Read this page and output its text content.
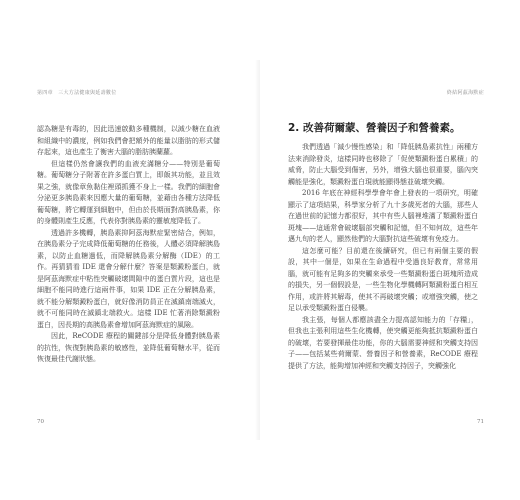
第四章　三大方法健康與延壽數位

認為糖是有毒的，因此迅速啟動多種機制，以減少糖在血液和組織中的濃度，例如我們會把額外的能量以脂肪的形式儲存起來，這也產生了衡害大腦的脂肪胰蘭蘿。

但這樣仍然會讓我們的血液充滿糖分——特別是葡萄糖。葡萄糖分子附著在許多蛋白質上，即飯其功能，並且效果之強，就像章魚黏住裡頭抓獲不身上一樣。我們的細胞會分泌更多胰島素來因應大量的葡萄糖，並藉由各種方法降低葡萄糖，將它轉運到細胞中，但由於長期面對高胰島素，你的身體則產生反應，代表你對胰島素的靈敏度降低了。

透過許多機轉，胰島素抑阿茲海默症緊密結合，例如，在胰島素分子完成降低葡萄糖的任務後，人體必須降解胰島素，以防止血糖過低，而降解胰島素分解酶（IDE）的工作。再猜猜看 IDE 還會分解什麼？答案是類澱粉蛋白，就是阿茲海默症中粘性突觸破壞間隙中的蛋白質片段，這也是細胞不能同時進行這兩件事，如果 IDE 正在分解胰島素，就不能分解類澱粉蛋白，就好像消防員正在滅鎮南端滅火，就不可能同時在滅鎮北端救火。這樣 IDE 忙著消除類澱粉蛋白，因長期的高胰島素會增加阿茲海默症的風險。

因此，ReCODE 療程的關鍵部分是降低身體對胰島素的抗性，恢復對胰島素的敏感性，並降低葡萄糖水平，從而恢復最佳代謝狀態。

70
終結阿茲海默症
2. 改善荷爾蒙、營養因子和營養素。

我們透過「減少慢性感染」和「降低胰島素抗性」兩種方法來消除發炎，這樣同時也移除了「促使類澱粉蛋白累積」的威脅，防止大腦受到傷害，另外，增強大腦也很重要，腦內突觸能是強化，類澱粉蛋白現就能顯得態並破壞突觸。

2016 年底在神經科學學會年會上發表的一項研究，明確顯示了這項結果，科學家分析了九十多歲死者的大腦，那些人在過世前的記憶力都很好，其中有些人腦裡堆滿了類澱粉蛋白斑塊——這通常會破壞腦部突觸和記憶，但不知何故，這些年邁九旬的老人，顯然他們的大腦對抗這些破壞有免疫力。

這怎麼可能？目前還在後續研究，但已有兩個主要的假設，其中一個是，如果在生命過程中受過良好教育，常常用腦，就可能有足夠多的突觸來承受一些類澱粉蛋白斑塊所造成的損失，另一個假設是，一些生物化學機轉阿類澱粉蛋白相互作用，或許將其解毒，使其不再破壞突觸；或增強突觸，使之足以承受類澱粉蛋白侵襲。

我主張，每個人都應該盡全力提高認知能力的「存糧」，但我也主張利用這些生化機轉，使突觸更能夠抵抗類澱粉蛋白的破壞，若要發揮最佳功能，你的大腦需要神經和突觸支持因子——包括某些荷爾蒙、營養因子和營養素，ReCODE 療程提供了方法，能夠增加神經和突觸支持因子，突觸強化

71
